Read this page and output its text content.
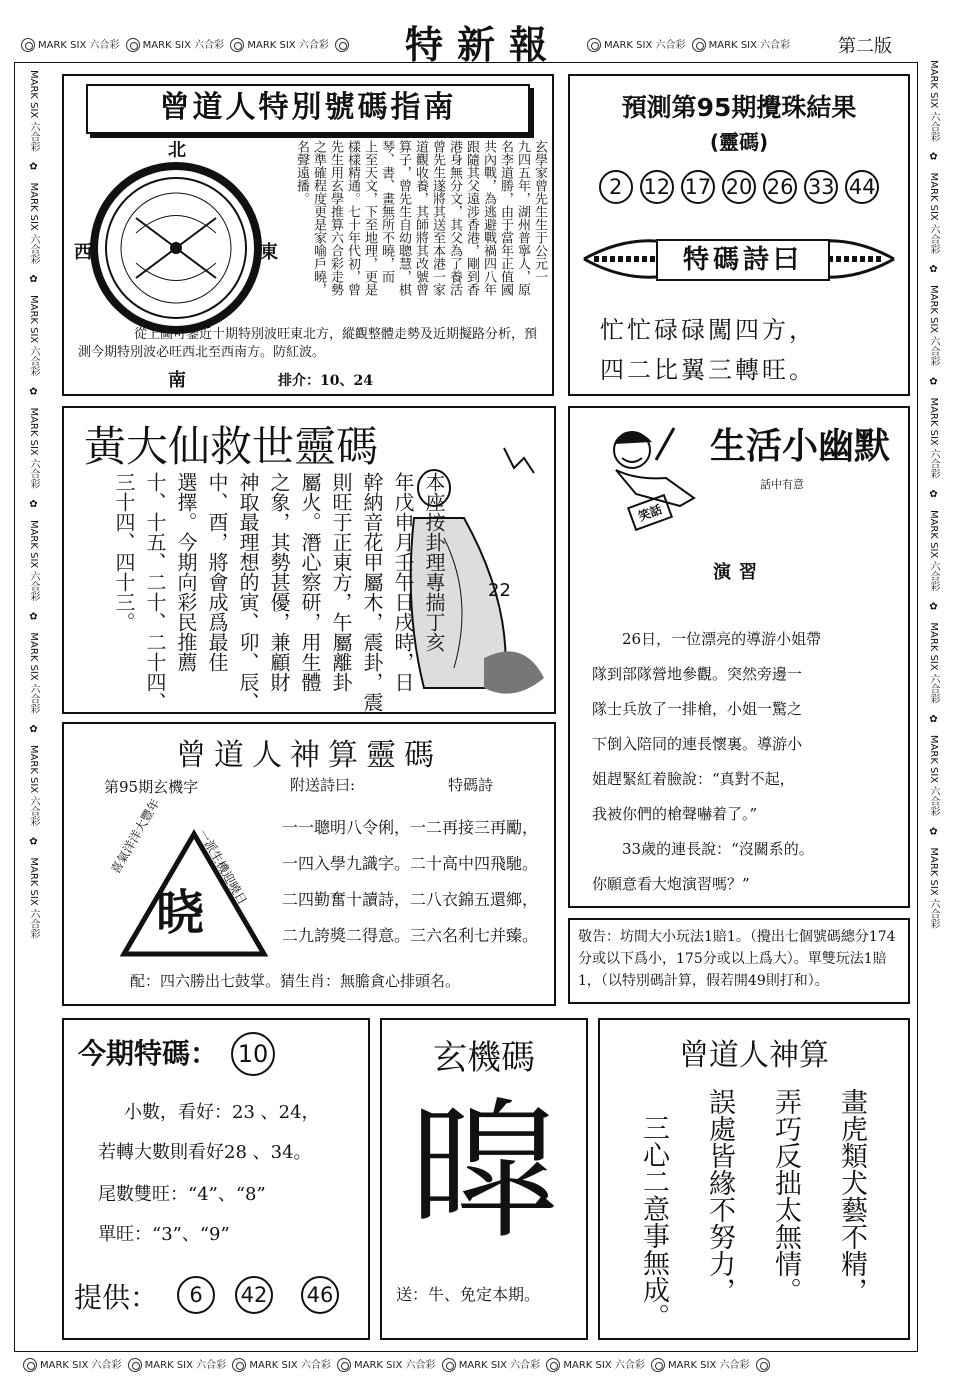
MARK SIX 六合彩 MARK SIX 六合彩 MARK SIX 六合彩	特新報	MARK SIX 六合彩 MARK SIX 六合彩	第二版
MARK SIX 六合彩　✿　MARK SIX 六合彩　✿　MARK SIX 六合彩　✿　MARK SIX 六合彩　✿　MARK SIX 六合彩　✿　MARK SIX 六合彩　✿　MARK SIX 六合彩　✿　MARK SIX 六合彩
MARK SIX 六合彩　✿　MARK SIX 六合彩　✿　MARK SIX 六合彩　✿　MARK SIX 六合彩　✿　MARK SIX 六合彩　✿　MARK SIX 六合彩　✿　MARK SIX 六合彩　✿　MARK SIX 六合彩
曾道人特別號碼指南
北
南
東
西	玄學家曾先生生于公元一
九四五年，湖州普寧人，原
名李道勝，由于當年正值國
共內戰，為逃避戰禍四八年
跟隨其父遠涉香港，剛到香
港身無分文，其父為了養活
曾先生遂將其送至本港一家
道觀收養，其師將其改號曾
算子，曾先生自幼聰慧，棋
琴、書、畫無所不曉，而
上至天文，下至地理，更是
樣樣精通。七十年代初，曾
先生用玄學推算六合彩走勢
之準確程度更是家喻戶曉，
名聲遠播。
從上圖可鑒近十期特別波旺東北方，縱觀整體走勢及近期擬路分析，預測今期特別波必旺西北至西南方。防紅波。
排介：10、24
預測第95期攪珠結果
(靈碼)
2 12 17 20 26 33 44
特碼詩曰
忙忙碌碌闖四方，
四二比翼三轉旺。
黃大仙救世靈碼
22
本座按卦理專揣丁亥
年戊申月壬午日戌時，日
幹納音花甲屬木，震卦，震
則旺于正東方，午屬離卦
屬火。潛心察研，用生體
之象，其勢甚優，兼顧財
神取最理想的寅、卯、辰、
中、酉，將會成爲最佳
選擇。今期向彩民推薦
十、十五、二十、二十四、
三十四、四十三。	笑話
生活小幽默
話中有意
演習
26日，一位漂亮的導游小姐帶
隊到部隊營地參觀。突然旁邊一
隊士兵放了一排槍，小姐一驚之
下倒入陪同的連長懷裏。導游小
姐趕緊紅着臉說：“真對不起，
我被你們的槍聲嚇着了。”
33歲的連長說：“沒關系的。
你願意看大炮演習嗎？”
曾道人神算靈碼
第95期玄機字	附送詩曰:	特碼詩
晓
喜氣洋洋大豐年	一派生機迎曉日 一一聰明八令俐，一二再接三再勵，
一四入學九識字。二十高中四飛馳。
二四勤奮十讀詩，二八衣錦五還鄉，
二九誇獎二得意。三六名利七并臻。
配：四六勝出七鼓掌。猜生肖：無膽貪心排頭名。
敬告：坊間大小玩法1賠1。（攪出七個號碼總分174分或以下爲小，175分或以上爲大）。單雙玩法1賠1，（以特別碼計算，假若開49則打和）。
今期特碼： 10
小數，看好：23 、24，
若轉大數則看好28 、34。
尾數雙旺：“4”、“8”
單旺：“3”、“9”
提供：	6	42 46
玄機碼
暭
送：牛、免定本期。
曾道人神算
畫虎類犬藝不精，
弄巧反拙太無情。
誤處皆緣不努力，
三心二意事無成。
MARK SIX 六合彩 MARK SIX 六合彩 MARK SIX 六合彩 MARK SIX 六合彩 MARK SIX 六合彩 MARK SIX 六合彩 MARK SIX 六合彩
